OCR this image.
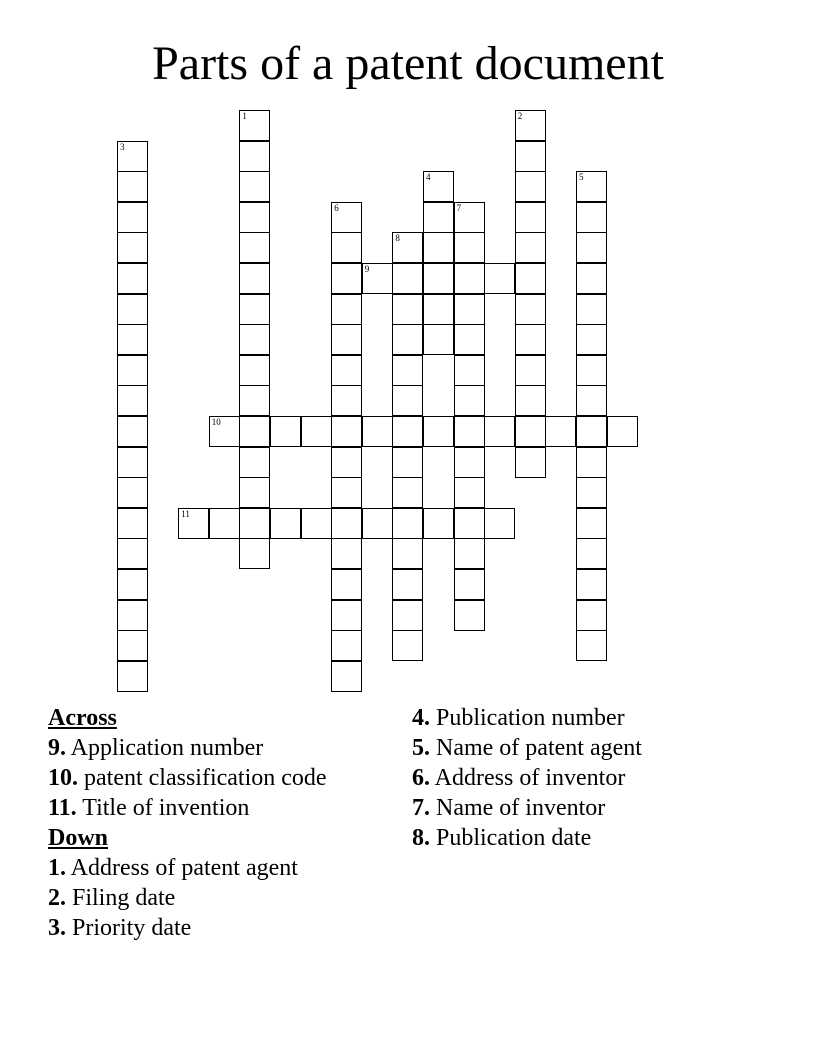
Parts of a patent document
1	2
3
4	5
6	7
8
9
10
11
Across
9. Application number
10. patent classification code
11. Title of invention
Down
1. Address of patent agent
2. Filing date
3. Priority date
4. Publication number
5. Name of patent agent
6. Address of inventor
7. Name of inventor
8. Publication date
